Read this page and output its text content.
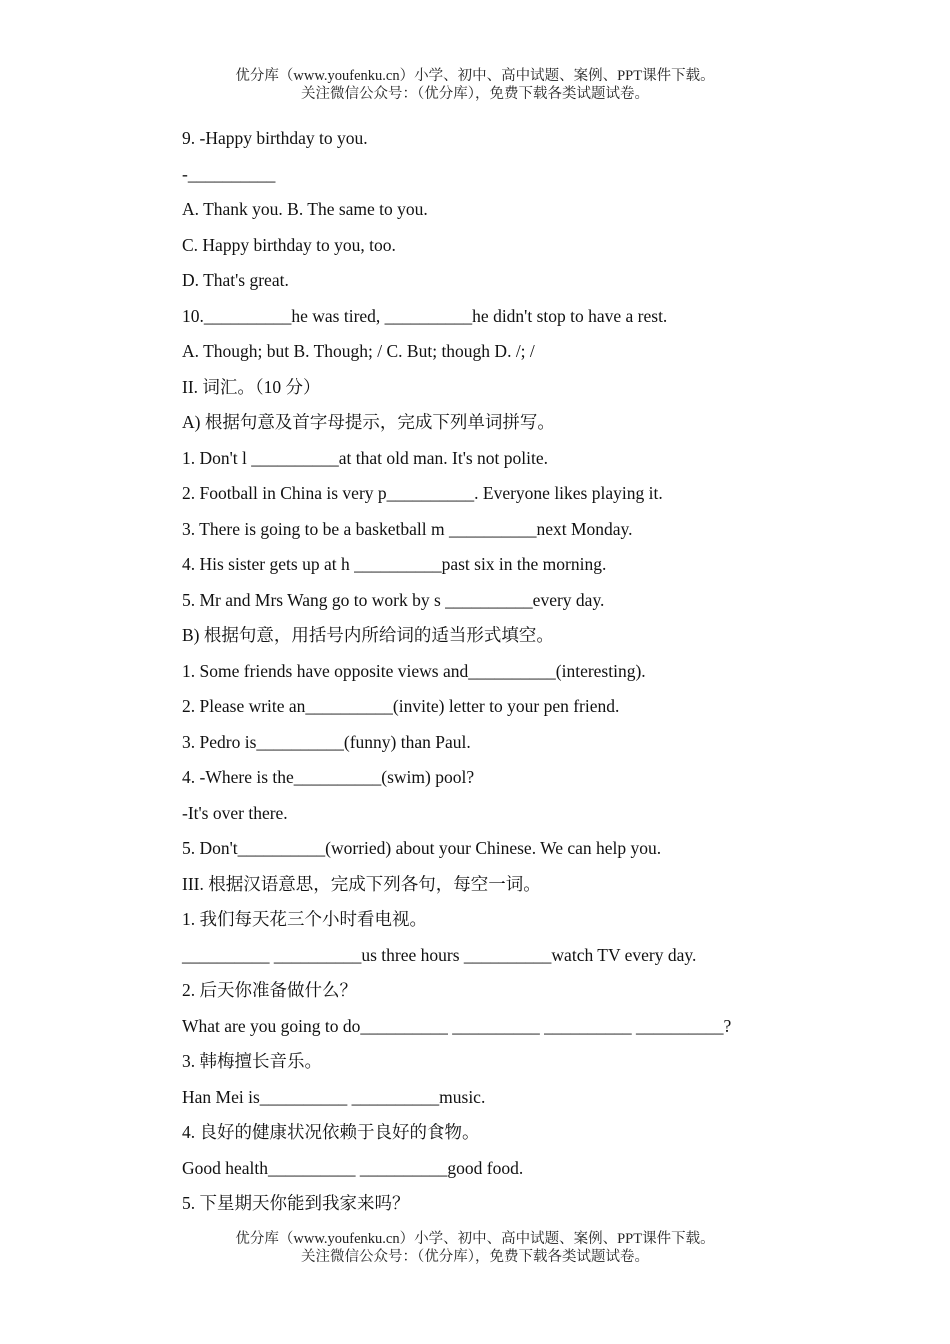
优分库（www.youfenku.cn）小学、初中、高中试题、案例、PPT课件下载。
关注微信公众号：（优分库），免费下载各类试题试卷。
9. -Happy birthday to you.
-__________
A. Thank you. B. The same to you.
C. Happy birthday to you, too.
D. That's great.
10.__________he was tired, __________he didn't stop to have a rest.
A. Though; but B. Though; / C. But; though D. /; /
II. 词汇。（10 分）
A) 根据句意及首字母提示，完成下列单词拼写。
1. Don't l __________at that old man. It's not polite.
2. Football in China is very p__________. Everyone likes playing it.
3. There is going to be a basketball m __________next Monday.
4. His sister gets up at h __________past six in the morning.
5. Mr and Mrs Wang go to work by s __________every day.
B) 根据句意，用括号内所给词的适当形式填空。
1. Some friends have opposite views and__________(interesting).
2. Please write an__________(invite) letter to your pen friend.
3. Pedro is__________(funny) than Paul.
4. -Where is the__________(swim) pool?
-It's over there.
5. Don't__________(worried) about your Chinese. We can help you.
III. 根据汉语意思，完成下列各句，每空一词。
1. 我们每天花三个小时看电视。
__________ __________us three hours __________watch TV every day.
2. 后天你准备做什么？
What are you going to do__________ __________ __________ __________?
3. 韩梅擅长音乐。
Han Mei is__________ __________music.
4. 良好的健康状况依赖于良好的食物。
Good health__________ __________good food.
5. 下星期天你能到我家来吗？
优分库（www.youfenku.cn）小学、初中、高中试题、案例、PPT课件下载。
关注微信公众号：（优分库），免费下载各类试题试卷。
